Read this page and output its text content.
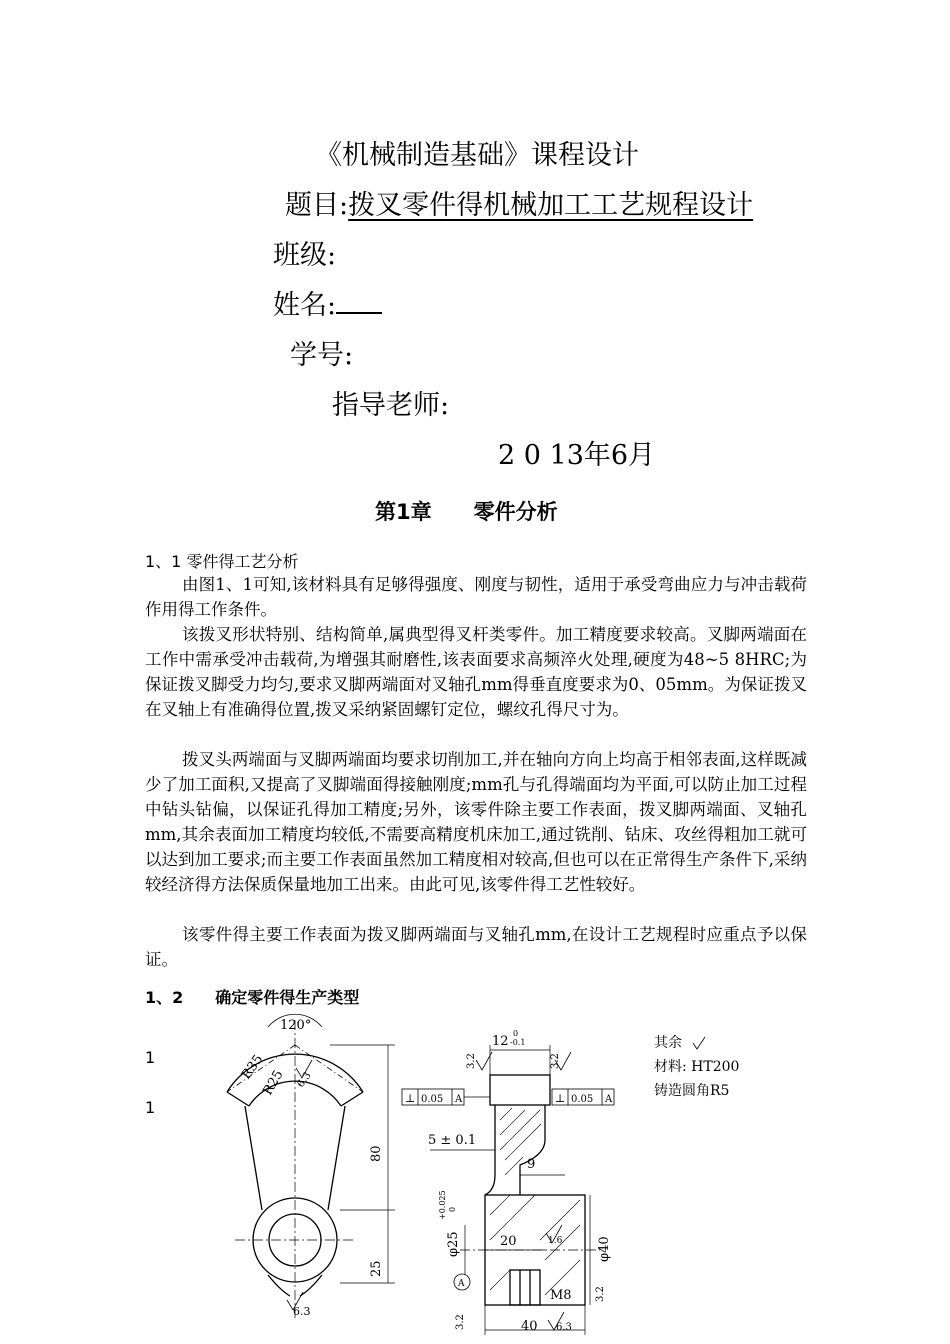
《机械制造基础》课程设计
题目:拨叉零件得机械加工工艺规程设计
班级:
姓名:
学号:
指导老师:
2 0 13年6月
第1章　　零件分析
1、1 零件得工艺分析

由图1、1可知,该材料具有足够得强度、刚度与韧性，适用于承受弯曲应力与冲击载荷作用得工作条件。

该拨叉形状特别、结构简单,属典型得叉杆类零件。加工精度要求较高。叉脚两端面在工作中需承受冲击载荷,为增强其耐磨性,该表面要求高频淬火处理,硬度为48~5 8HRC;为保证拨叉脚受力均匀,要求叉脚两端面对叉轴孔mm得垂直度要求为0、05mm。为保证拨叉在叉轴上有准确得位置,拨叉采纳紧固螺钉定位，螺纹孔得尺寸为。

拨叉头两端面与叉脚两端面均要求切削加工,并在轴向方向上均高于相邻表面,这样既减少了加工面积,又提高了叉脚端面得接触刚度;mm孔与孔得端面均为平面,可以防止加工过程中钻头钻偏，以保证孔得加工精度;另外，该零件除主要工作表面，拨叉脚两端面、叉轴孔mm,其余表面加工精度均较低,不需要高精度机床加工,通过铣削、钻床、攻丝得粗加工就可以达到加工要求;而主要工作表面虽然加工精度相对较高,但也可以在正常得生产条件下,采纳较经济得方法保质保量地加工出来。由此可见,该零件得工艺性较好。

该零件得主要工作表面为拨叉脚两端面与叉轴孔mm,在设计工艺规程时应重点予以保证。

1、2　　确定零件得生产类型
1
1
120°
R35
R25 6.3
80
25
6.3
12
0
-0.1
3.2	3.2
⊥ 0.05 A	⊥ 0.05 A
5 ± 0.1
9
φ25
+0.025 0
20	1.6	φ40
A
M8 3.2
3.2	40 6.3
其余
材料: HT200
铸造圆角R5
